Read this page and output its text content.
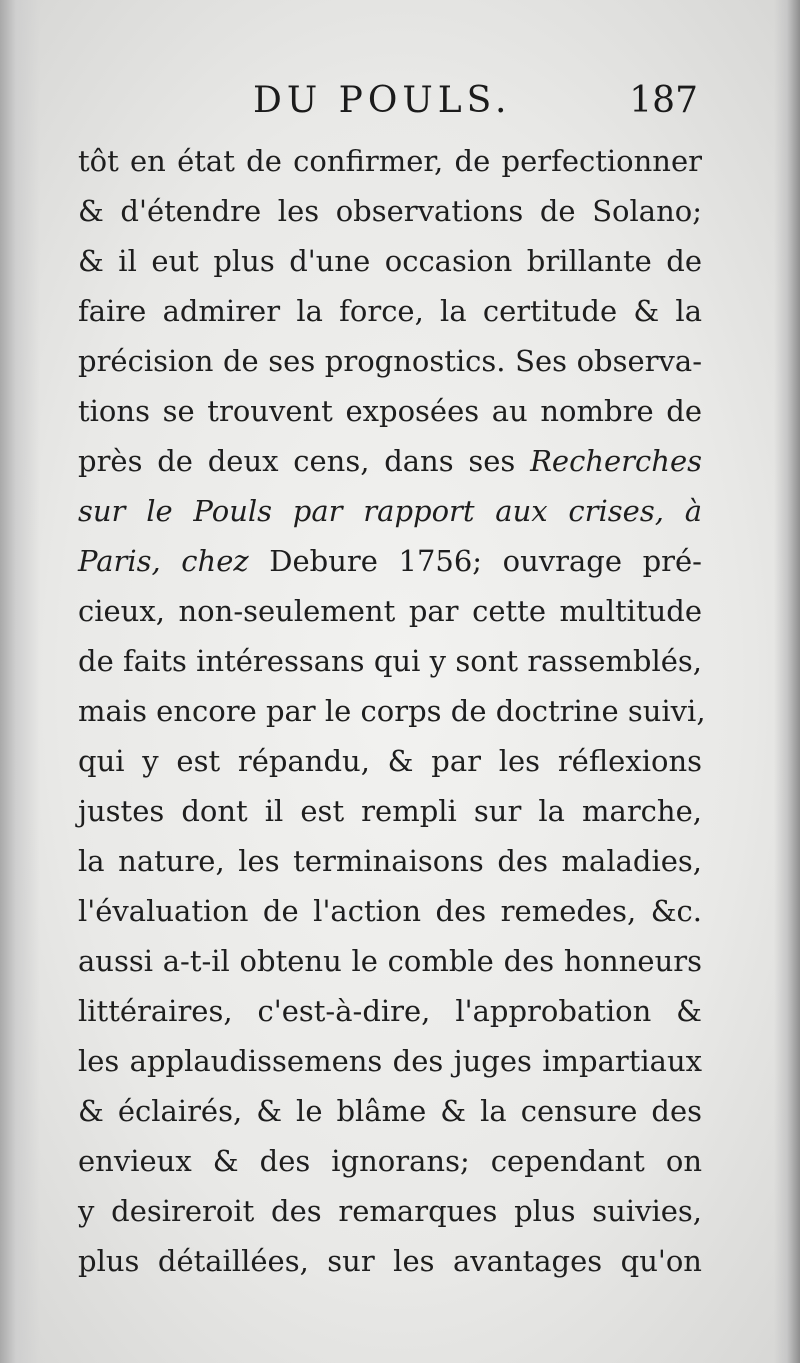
DU POULS.	187
tôt en état de confirmer, de perfectionner
& d'étendre les observations de Solano;
& il eut plus d'une occasion brillante de
faire admirer la force, la certitude & la
précision de ses prognostics. Ses observa-
tions se trouvent exposées au nombre de
près de deux cens, dans ses Recherches
sur le Pouls par rapport aux crises, à
Paris, chez Debure 1756; ouvrage pré-
cieux, non-seulement par cette multitude
de faits intéressans qui y sont rassemblés,
mais encore par le corps de doctrine suivi,
qui y est répandu, & par les réflexions
justes dont il est rempli sur la marche,
la nature, les terminaisons des maladies,
l'évaluation de l'action des remedes, &c.
aussi a-t-il obtenu le comble des honneurs
littéraires, c'est-à-dire, l'approbation &
les applaudissemens des juges impartiaux
& éclairés, & le blâme & la censure des
envieux & des ignorans; cependant on
y desireroit des remarques plus suivies,
plus détaillées, sur les avantages qu'on
